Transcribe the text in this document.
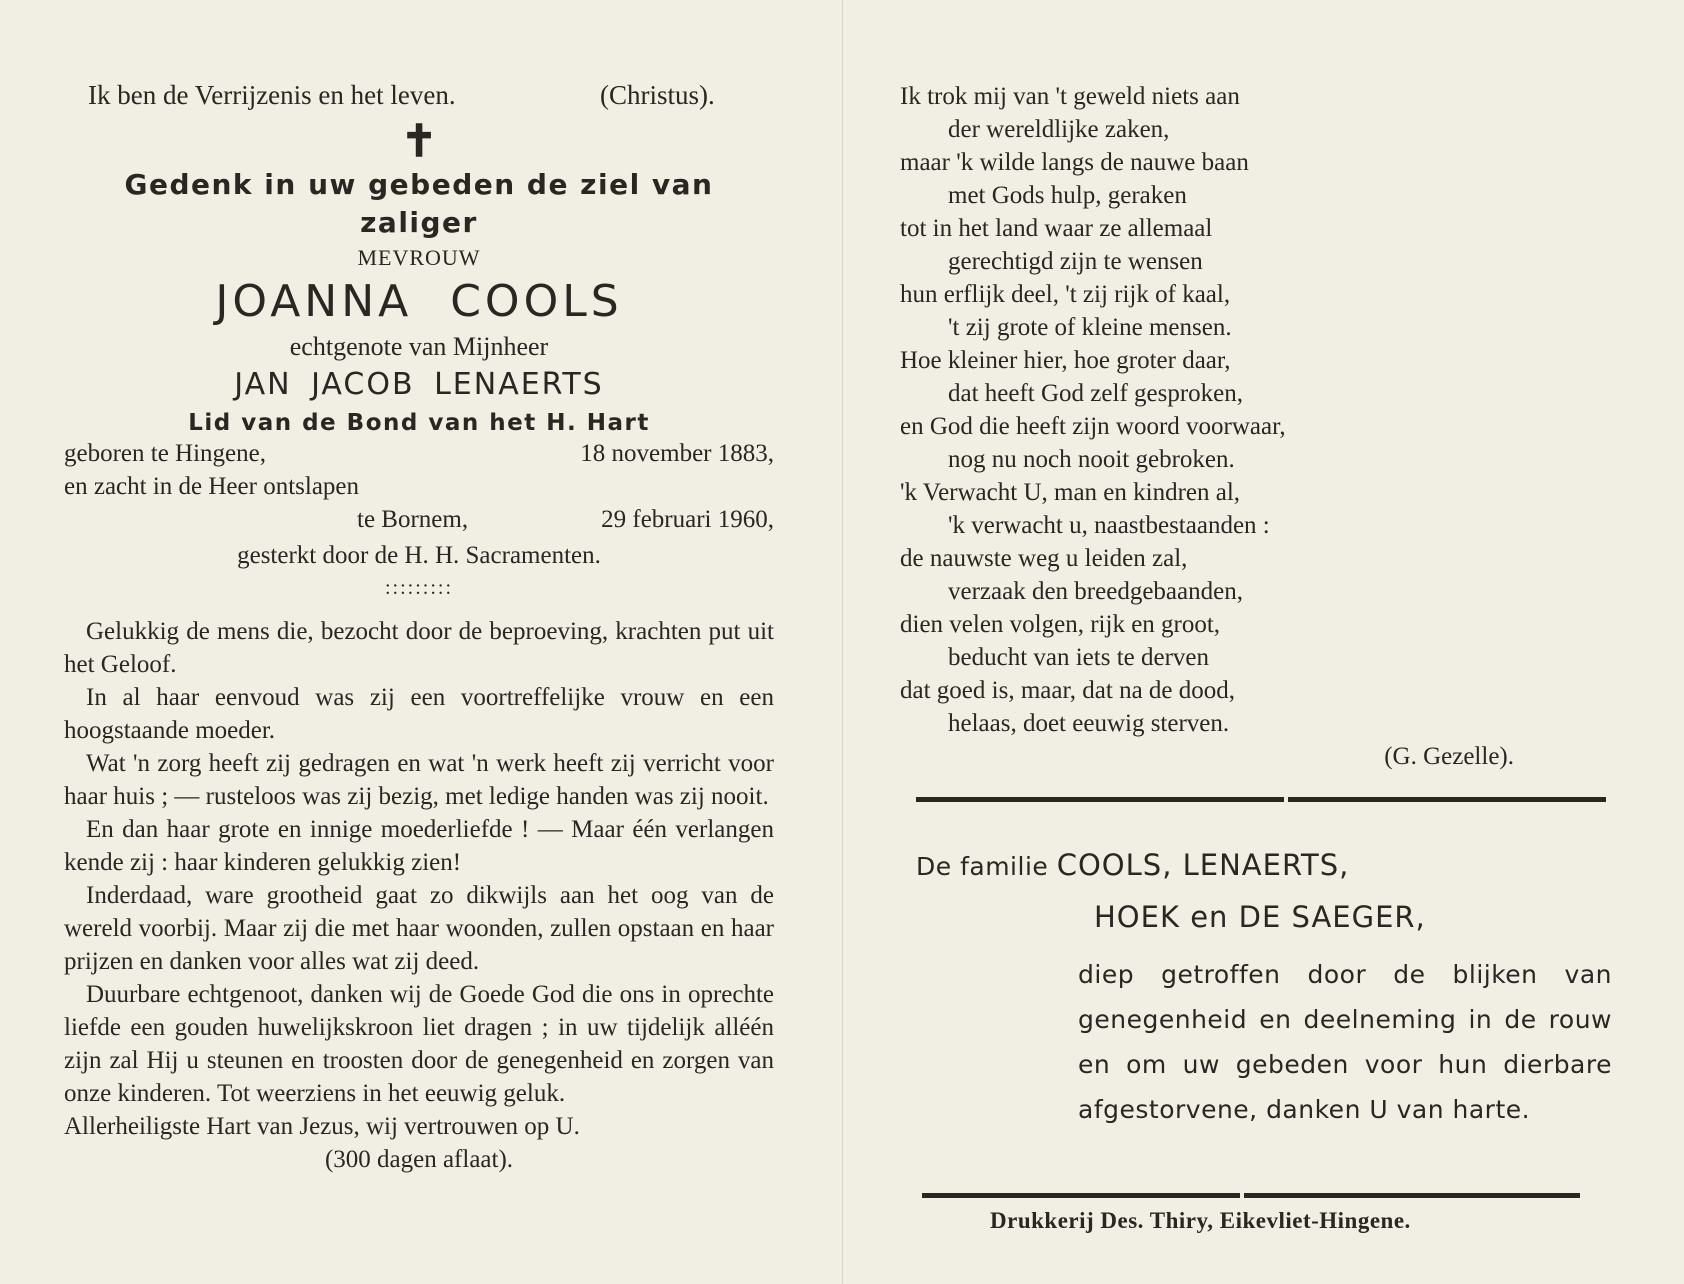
Ik ben de Verrijzenis en het leven.	(Christus).
✝
Gedenk in uw gebeden de ziel van zaliger
MEVROUW
JOANNA COOLS
echtgenote van Mijnheer
JAN JACOB LENAERTS
Lid van de Bond van het H. Hart
geboren te Hingene,	18 november 1883,
en zacht in de Heer ontslapen
te Bornem,	29 februari 1960,
gesterkt door de H. H. Sacramenten.
:::::::::

Gelukkig de mens die, bezocht door de beproeving, krachten put uit het Geloof.

In al haar eenvoud was zij een voortreffelijke vrouw en een hoogstaande moeder.

Wat 'n zorg heeft zij gedragen en wat 'n werk heeft zij verricht voor haar huis ; — rusteloos was zij bezig, met ledige handen was zij nooit.

En dan haar grote en innige moederliefde ! — Maar één verlangen kende zij : haar kinderen gelukkig zien!

Inderdaad, ware grootheid gaat zo dikwijls aan het oog van de wereld voorbij. Maar zij die met haar woonden, zullen opstaan en haar prijzen en danken voor alles wat zij deed.

Duurbare echtgenoot, danken wij de Goede God die ons in oprechte liefde een gouden huwelijkskroon liet dragen ; in uw tijdelijk alléén zijn zal Hij u steunen en troosten door de genegenheid en zorgen van onze kinderen. Tot weerziens in het eeuwig geluk.

Allerheiligste Hart van Jezus, wij vertrouwen op U.

(300 dagen aflaat).

Ik trok mij van 't geweld niets aan
der wereldlijke zaken,
maar 'k wilde langs de nauwe baan
met Gods hulp, geraken
tot in het land waar ze allemaal
gerechtigd zijn te wensen
hun erflijk deel, 't zij rijk of kaal,
't zij grote of kleine mensen.
Hoe kleiner hier, hoe groter daar,
dat heeft God zelf gesproken,
en God die heeft zijn woord voorwaar,
nog nu noch nooit gebroken.
'k Verwacht U, man en kindren al,
'k verwacht u, naastbestaanden :
de nauwste weg u leiden zal,
verzaak den breedgebaanden,
dien velen volgen, rijk en groot,
beducht van iets te derven
dat goed is, maar, dat na de dood,
helaas, doet eeuwig sterven.
(G. Gezelle).
De familie COOLS, LENAERTS,
HOEK en DE SAEGER,
diep getroffen door de blijken van genegenheid en deelneming in de rouw en om uw gebeden voor hun dierbare afgestorvene, danken U van harte.
Drukkerij Des. Thiry, Eikevliet-Hingene.
